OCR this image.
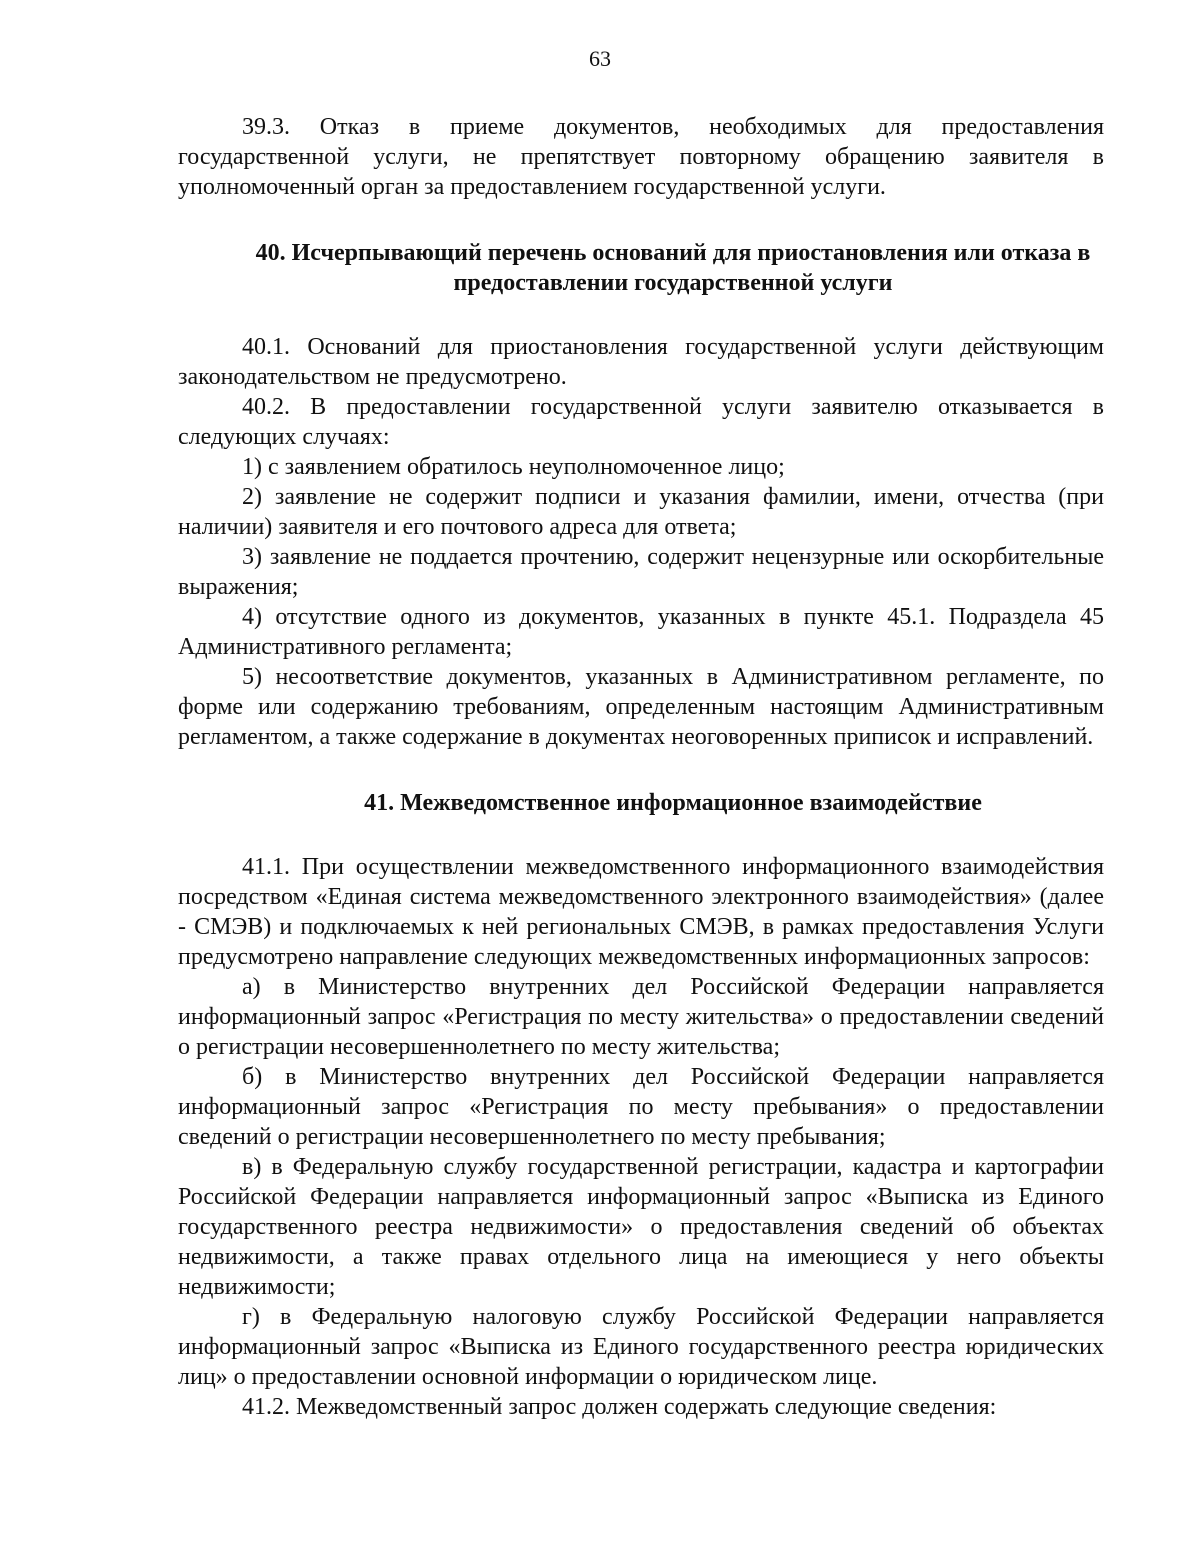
63

39.3. Отказ в приеме документов, необходимых для предоставления государственной услуги, не препятствует повторному обращению заявителя в уполномоченный орган за предоставлением государственной услуги.

40. Исчерпывающий перечень оснований для приостановления или отказа в предоставлении государственной услуги

40.1. Оснований для приостановления государственной услуги действующим законодательством не предусмотрено.

40.2. В предоставлении государственной услуги заявителю отказывается в следующих случаях:

1) с заявлением обратилось неуполномоченное лицо;

2) заявление не содержит подписи и указания фамилии, имени, отчества (при наличии) заявителя и его почтового адреса для ответа;

3) заявление не поддается прочтению, содержит нецензурные или оскорбительные выражения;

4) отсутствие одного из документов, указанных в пункте 45.1. Подраздела 45 Административного регламента;

5) несоответствие документов, указанных в Административном регламенте, по форме или содержанию требованиям, определенным настоящим Административным регламентом, а также содержание в документах неоговоренных приписок и исправлений.

41. Межведомственное информационное взаимодействие

41.1. При осуществлении межведомственного информационного взаимодействия посредством «Единая система межведомственного электронного взаимодействия» (далее - СМЭВ) и подключаемых к ней региональных СМЭВ, в рамках предоставления Услуги предусмотрено направление следующих межведомственных информационных запросов:

а) в Министерство внутренних дел Российской Федерации направляется информационный запрос «Регистрация по месту жительства» о предоставлении сведений о регистрации несовершеннолетнего по месту жительства;

б) в Министерство внутренних дел Российской Федерации направляется информационный запрос «Регистрация по месту пребывания» о предоставлении сведений о регистрации несовершеннолетнего по месту пребывания;

в) в Федеральную службу государственной регистрации, кадастра и картографии Российской Федерации направляется информационный запрос «Выписка из Единого государственного реестра недвижимости» о предоставления сведений об объектах недвижимости, а также правах отдельного лица на имеющиеся у него объекты недвижимости;

г) в Федеральную налоговую службу Российской Федерации направляется информационный запрос «Выписка из Единого государственного реестра юридических лиц» о предоставлении основной информации о юридическом лице.

41.2. Межведомственный запрос должен содержать следующие сведения:
